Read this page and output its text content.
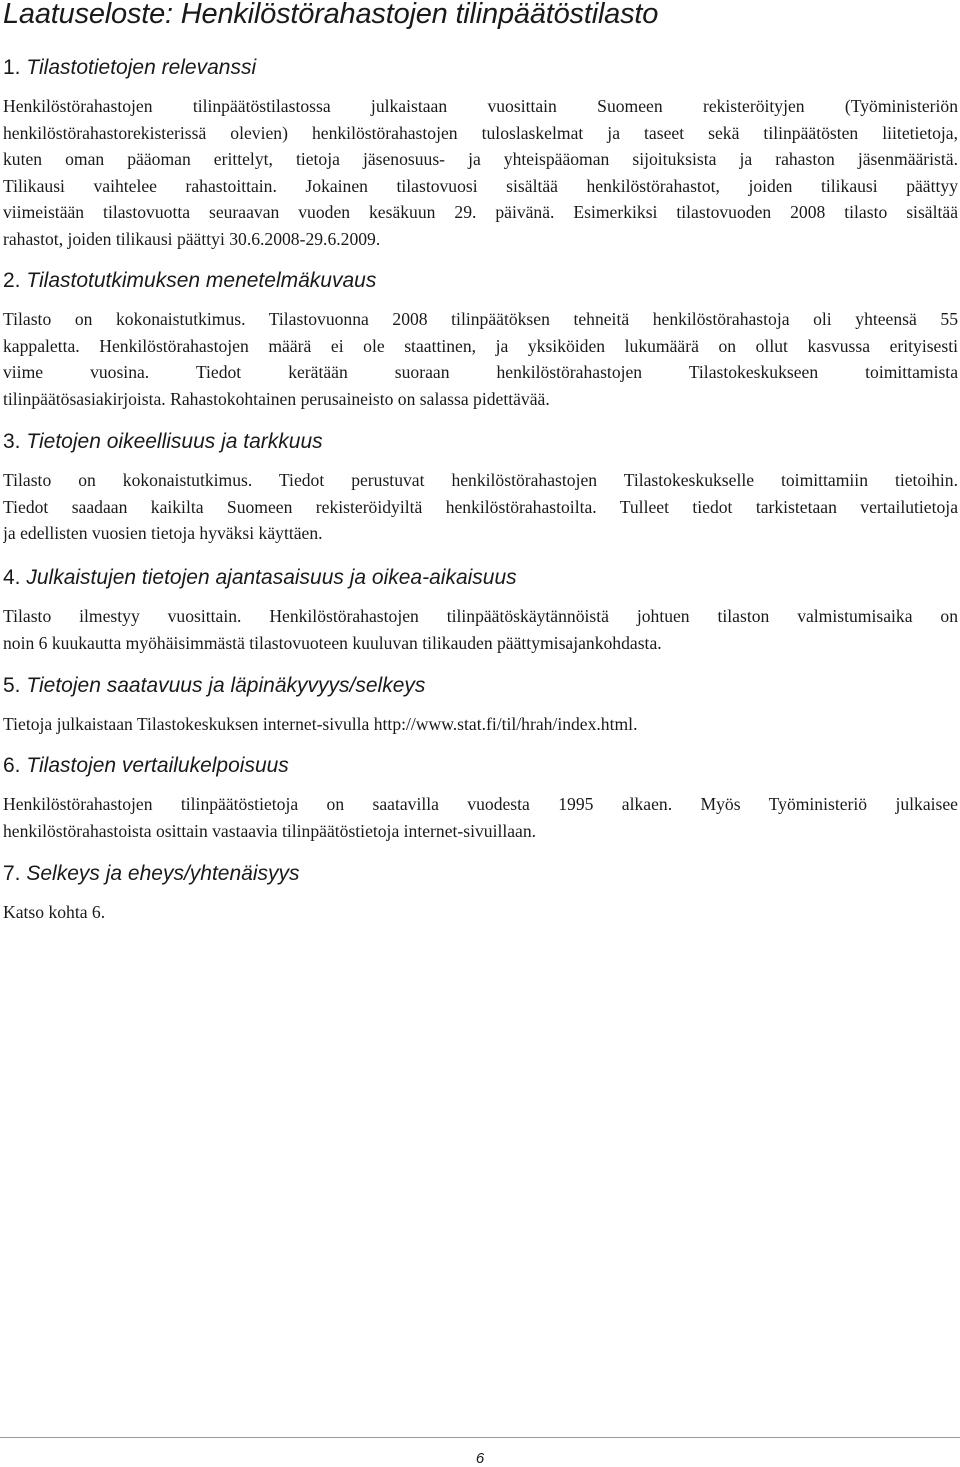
Laatuseloste: Henkilöstörahastojen tilinpäätöstilasto
1. Tilastotietojen relevanssi
Henkilöstörahastojen tilinpäätöstilastossa julkaistaan vuosittain Suomeen rekisteröityjen (Työministeriön
henkilöstörahastorekisterissä olevien) henkilöstörahastojen tuloslaskelmat ja taseet sekä tilinpäätösten liitetietoja,
kuten oman pääoman erittelyt, tietoja jäsenosuus- ja yhteispääoman sijoituksista ja rahaston jäsenmääristä.
Tilikausi vaihtelee rahastoittain. Jokainen tilastovuosi sisältää henkilöstörahastot, joiden tilikausi päättyy
viimeistään tilastovuotta seuraavan vuoden kesäkuun 29. päivänä. Esimerkiksi tilastovuoden 2008 tilasto sisältää
rahastot, joiden tilikausi päättyi 30.6.2008-29.6.2009.
2. Tilastotutkimuksen menetelmäkuvaus
Tilasto on kokonaistutkimus. Tilastovuonna 2008 tilinpäätöksen tehneitä henkilöstörahastoja oli yhteensä 55
kappaletta. Henkilöstörahastojen määrä ei ole staattinen, ja yksiköiden lukumäärä on ollut kasvussa erityisesti
viime vuosina. Tiedot kerätään suoraan henkilöstörahastojen Tilastokeskukseen toimittamista
tilinpäätösasiakirjoista. Rahastokohtainen perusaineisto on salassa pidettävää.
3. Tietojen oikeellisuus ja tarkkuus
Tilasto on kokonaistutkimus. Tiedot perustuvat henkilöstörahastojen Tilastokeskukselle toimittamiin tietoihin.
Tiedot saadaan kaikilta Suomeen rekisteröidyiltä henkilöstörahastoilta. Tulleet tiedot tarkistetaan vertailutietoja
ja edellisten vuosien tietoja hyväksi käyttäen.
4. Julkaistujen tietojen ajantasaisuus ja oikea-aikaisuus
Tilasto ilmestyy vuosittain. Henkilöstörahastojen tilinpäätöskäytännöistä johtuen tilaston valmistumisaika on
noin 6 kuukautta myöhäisimmästä tilastovuoteen kuuluvan tilikauden päättymisajankohdasta.
5. Tietojen saatavuus ja läpinäkyvyys/selkeys
Tietoja julkaistaan Tilastokeskuksen internet-sivulla http://www.stat.fi/til/hrah/index.html.
6. Tilastojen vertailukelpoisuus
Henkilöstörahastojen tilinpäätöstietoja on saatavilla vuodesta 1995 alkaen. Myös Työministeriö julkaisee
henkilöstörahastoista osittain vastaavia tilinpäätöstietoja internet-sivuillaan.
7. Selkeys ja eheys/yhtenäisyys
Katso kohta 6.

6
